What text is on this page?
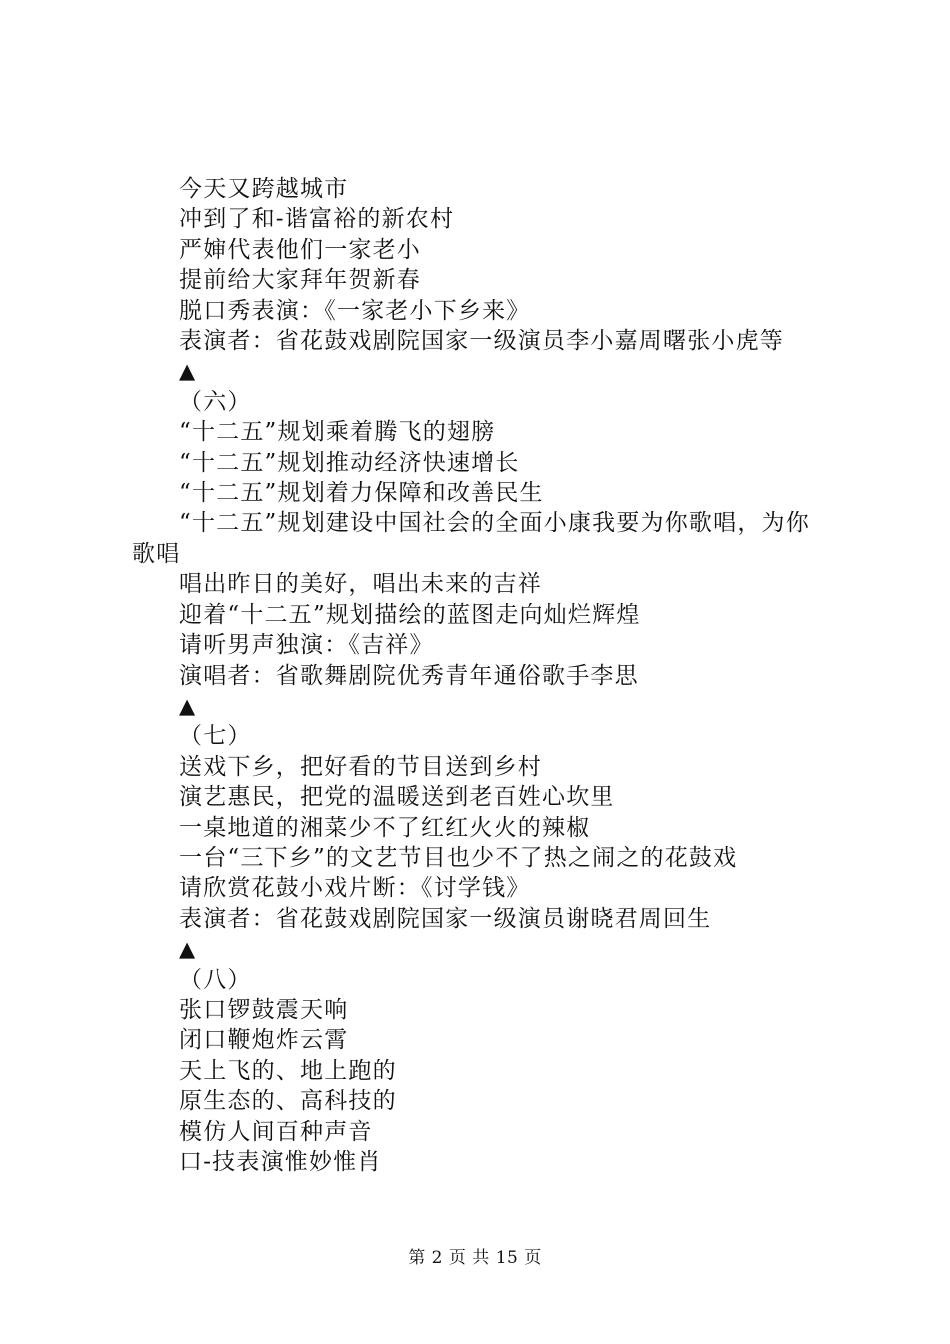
今天又跨越城市
冲到了和-谐富裕的新农村
严婶代表他们一家老小
提前给大家拜年贺新春
脱口秀表演：《一家老小下乡来》
表演者：省花鼓戏剧院国家一级演员李小嘉周曙张小虎等
▲
（六）
“十二五”规划乘着腾飞的翅膀
“十二五”规划推动经济快速增长
“十二五”规划着力保障和改善民生
“十二五”规划建设中国社会的全面小康我要为你歌唱，为你歌唱
唱出昨日的美好，唱出未来的吉祥
迎着“十二五”规划描绘的蓝图走向灿烂辉煌
请听男声独演：《吉祥》
演唱者：省歌舞剧院优秀青年通俗歌手李思
▲
（七）
送戏下乡，把好看的节目送到乡村
演艺惠民，把党的温暖送到老百姓心坎里
一桌地道的湘菜少不了红红火火的辣椒
一台“三下乡”的文艺节目也少不了热之闹之的花鼓戏
请欣赏花鼓小戏片断：《讨学钱》
表演者：省花鼓戏剧院国家一级演员谢晓君周回生
▲
（八）
张口锣鼓震天响
闭口鞭炮炸云霄
天上飞的、地上跑的
原生态的、高科技的
模仿人间百种声音
口-技表演惟妙惟肖
第 2 页 共 15 页
